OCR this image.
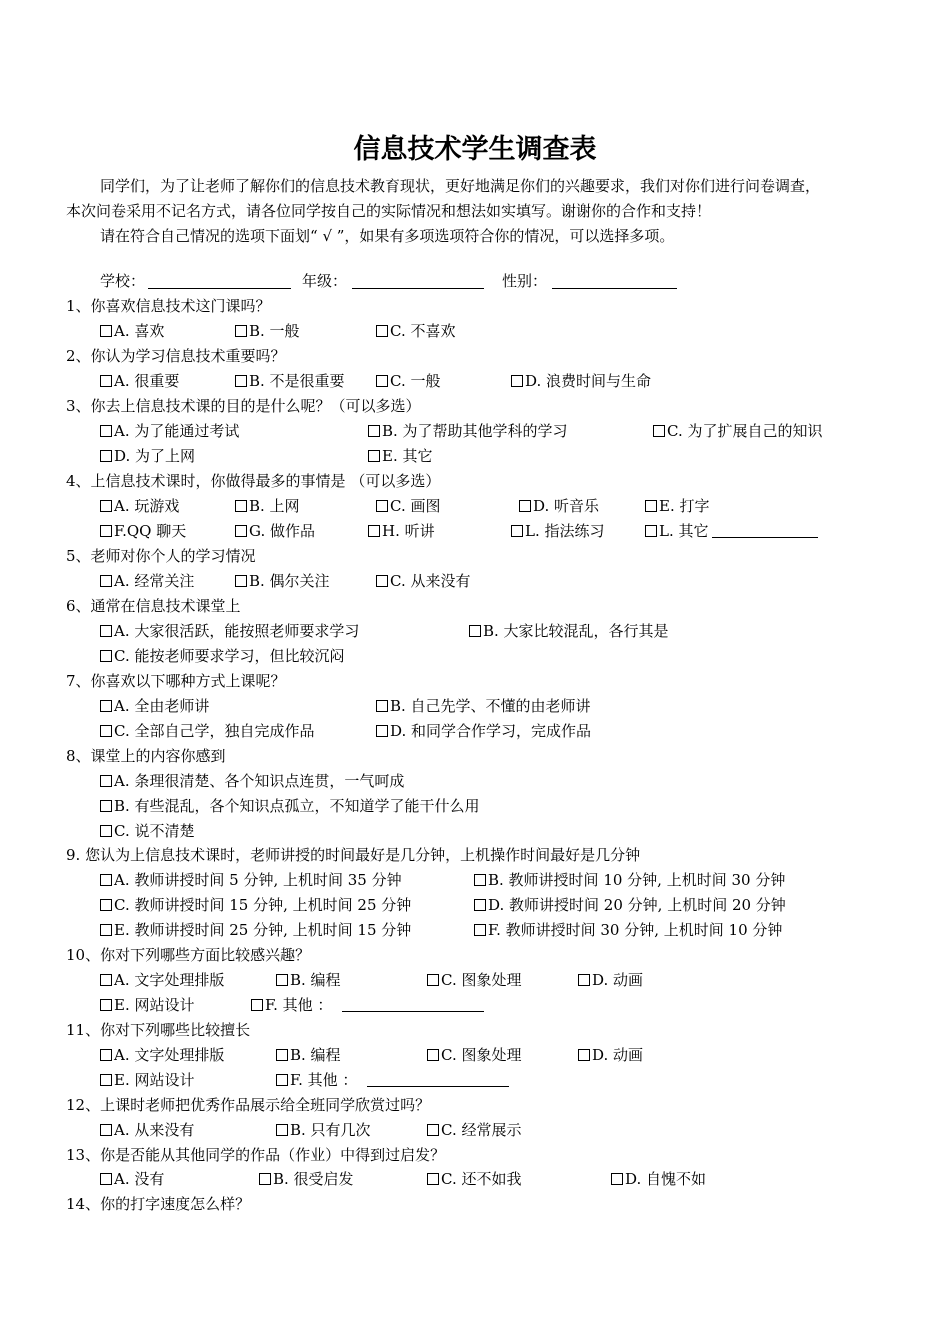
信息技术学生调查表
同学们，为了让老师了解你们的信息技术教育现状，更好地满足你们的兴趣要求，我们对你们进行问卷调查，
本次问卷采用不记名方式，请各位同学按自己的实际情况和想法如实填写。谢谢你的合作和支持！
请在符合自己情况的选项下面划“ √ ”，如果有多项选项符合你的情况，可以选择多项。
学校：	年级：	性别：
1、你喜欢信息技术这门课吗？
A. 喜欢	B. 一般	C. 不喜欢
2、你认为学习信息技术重要吗？
A. 很重要	B. 不是很重要	C. 一般	D. 浪费时间与生命
3、你去上信息技术课的目的是什么呢？（可以多选）
A. 为了能通过考试	B. 为了帮助其他学科的学习	C. 为了扩展自己的知识
D. 为了上网	E. 其它
4、上信息技术课时，你做得最多的事情是 （可以多选）
A. 玩游戏	B. 上网	C. 画图	D. 听音乐	E. 打字
F.QQ 聊天	G. 做作品	H. 听讲	L. 指法练习	L. 其它
5、老师对你个人的学习情况
A. 经常关注	B. 偶尔关注	C. 从来没有
6、通常在信息技术课堂上
A. 大家很活跃，能按照老师要求学习	B. 大家比较混乱，各行其是
C. 能按老师要求学习，但比较沉闷
7、你喜欢以下哪种方式上课呢？
A. 全由老师讲	B. 自己先学、不懂的由老师讲
C. 全部自己学，独自完成作品	D. 和同学合作学习，完成作品
8、课堂上的内容你感到
A. 条理很清楚、各个知识点连贯，一气呵成
B. 有些混乱，各个知识点孤立，不知道学了能干什么用
C. 说不清楚
9. 您认为上信息技术课时，老师讲授的时间最好是几分钟，上机操作时间最好是几分钟
A. 教师讲授时间 5 分钟, 上机时间 35 分钟	B. 教师讲授时间 10 分钟, 上机时间 30 分钟
C. 教师讲授时间 15 分钟, 上机时间 25 分钟	D. 教师讲授时间 20 分钟, 上机时间 20 分钟
E. 教师讲授时间 25 分钟, 上机时间 15 分钟	F. 教师讲授时间 30 分钟, 上机时间 10 分钟
10、你对下列哪些方面比较感兴趣？
A. 文字处理排版	B. 编程	C. 图象处理	D. 动画
E. 网站设计	F. 其他 ：
11、你对下列哪些比较擅长
A. 文字处理排版	B. 编程	C. 图象处理	D. 动画
E. 网站设计	F. 其他 ：
12、上课时老师把优秀作品展示给全班同学欣赏过吗？
A. 从来没有	B. 只有几次	C. 经常展示
13、你是否能从其他同学的作品（作业）中得到过启发？
A. 没有	B. 很受启发	C. 还不如我	D. 自愧不如
14、你的打字速度怎么样？
